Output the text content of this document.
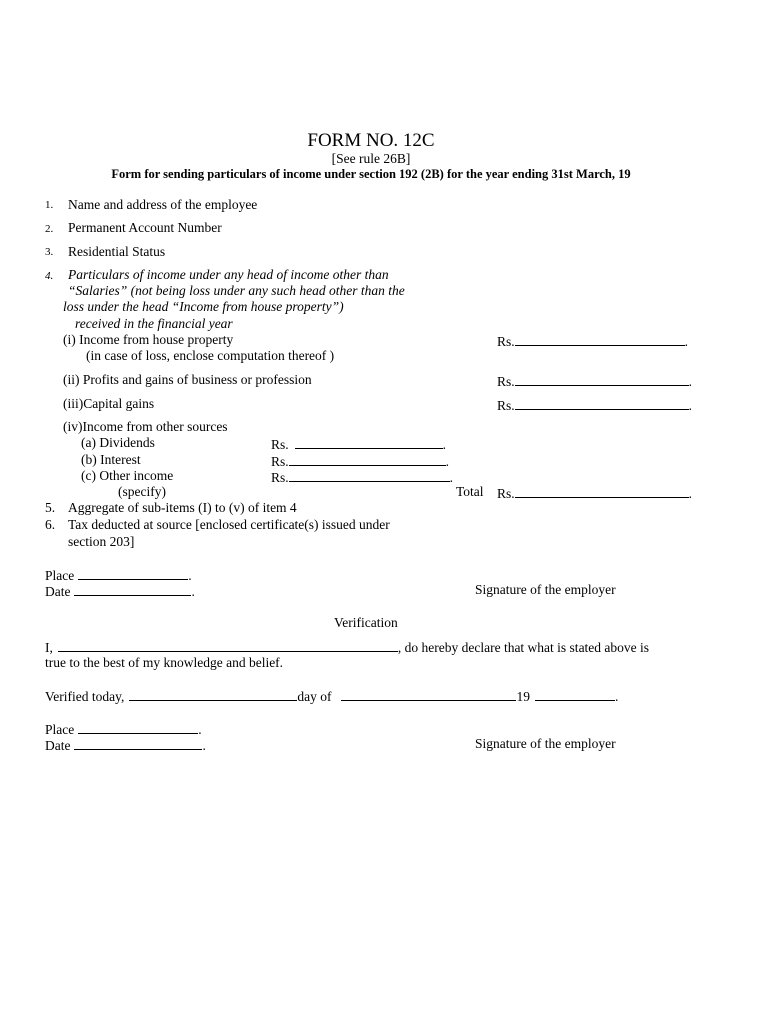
FORM NO. 12C
[See rule 26B]
Form for sending particulars of income under section 192 (2B) for the year ending 31st March, 19
1. Name and address of the employee
2. Permanent Account Number
3. Residential Status
4. Particulars of income under any head of income other than
“Salaries” (not being loss under any such head other than the
loss under the head “Income from house property”)
received in the financial year
(i) Income from house property
(in case of loss, enclose computation thereof )
Rs.	.
(ii) Profits and gains of business or profession	Rs.	.
(iii)Capital gains	Rs.	.
(iv)Income from other sources
(a) Dividends	Rs.	.
(b) Interest	Rs.	.
(c) Other income	Rs.	.
(specify)	Total Rs.	.
5. Aggregate of sub-items (I) to (v) of item 4
6. Tax deducted at source [enclosed certificate(s) issued under
section 203]
Place	.
Date	.	Signature of the employer
Verification
I,	, do hereby declare that what is stated above is
true to the best of my knowledge and belief.
Verified today,	day of	19	.
Place	.
Date	.	Signature of the employer
